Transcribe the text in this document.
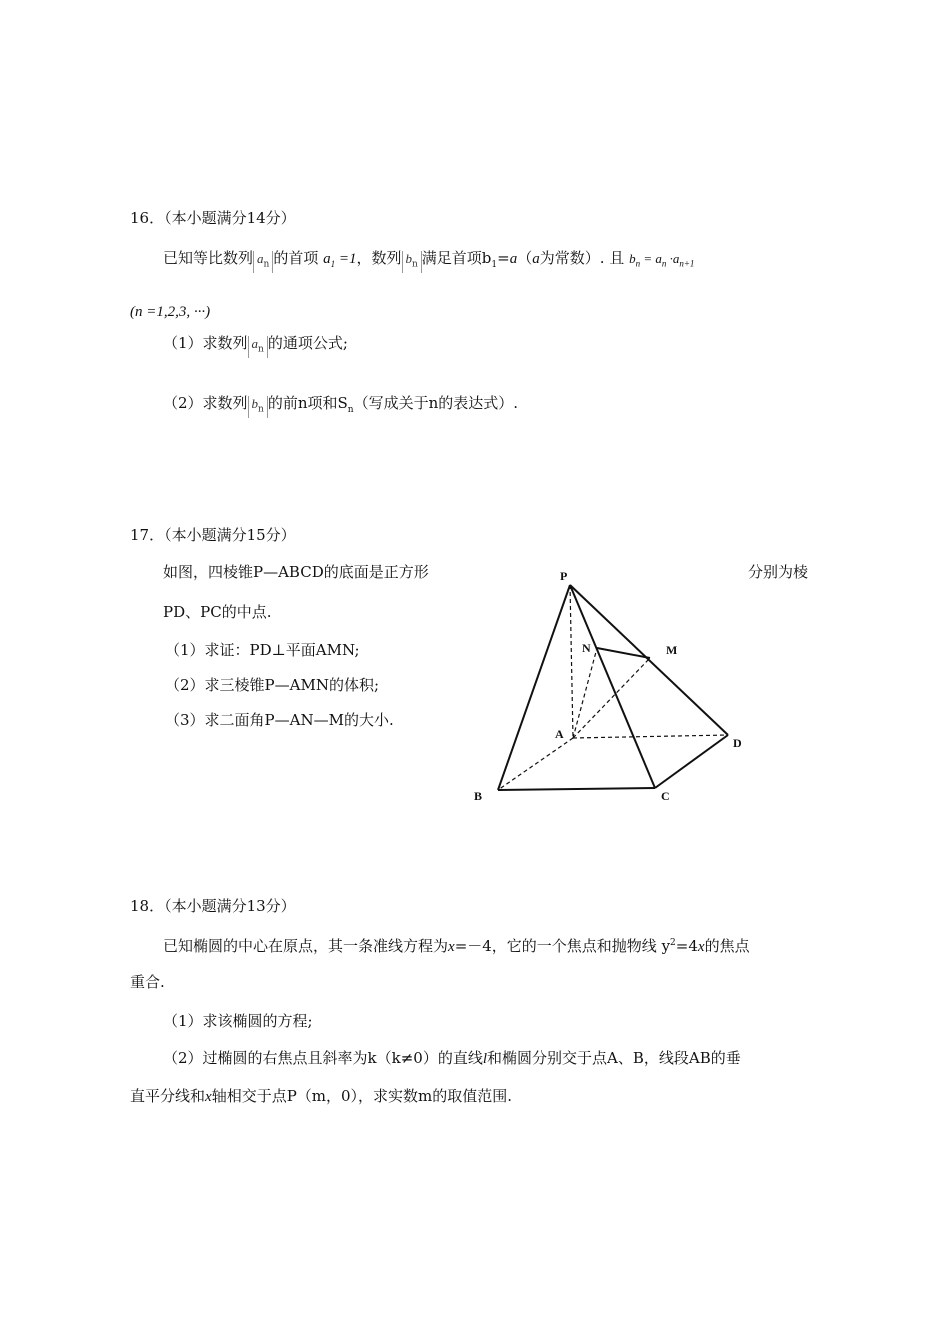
16．（本小题满分14分）
已知等比数列 $a_n$ 的首项 $a_1 =1$，数列 $b_n$ 满足首项$b_1=a(a$为常数）. 且 $b_n = a_n \cdot a_{n+1}$
(n =1,2,3, ···)
（1）求数列 $a_n$ 的通项公式;
（2）求数列 $b_n$ 的前n项和$S_n$（写成关于n的表达式）.
17．（本小题满分15分）
如图，四棱锥P—ABCD的底面是正方形	分别为棱
PD、PC的中点.
（1）求证：PD⊥平面AMN;
（2）求三棱锥P—AMN的体积;
（3）求二面角P—AN—M的大小.
P
N	M
A
D
B	C
18．（本小题满分13分）
已知椭圆的中心在原点，其一条准线方程为x=－4，它的一个焦点和抛物线 $y^2=4x$的焦点
重合.
（1）求该椭圆的方程;
（2）过椭圆的右焦点且斜率为k（k≠0）的直线l和椭圆分别交于点A、B，线段AB的垂
直平分线和x轴相交于点P（m，0），求实数m的取值范围.
